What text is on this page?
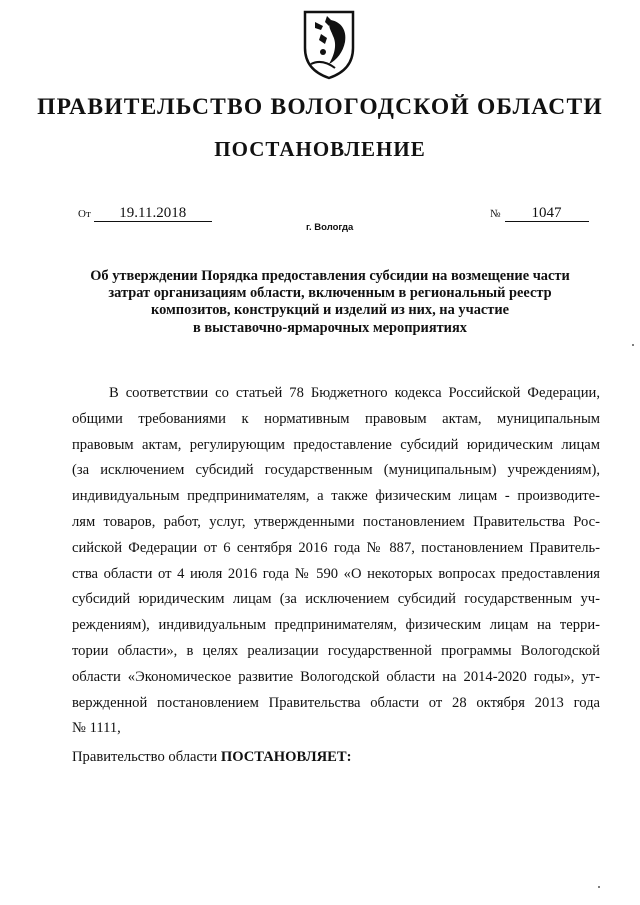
ПРАВИТЕЛЬСТВО ВОЛОГОДСКОЙ ОБЛАСТИ
ПОСТАНОВЛЕНИЕ
От 19.11.2018	№ 1047
г. Вологда
Об утверждении Порядка предоставления субсидии на возмещение части
затрат организациям области, включенным в региональный реестр
композитов, конструкций и изделий из них, на участие
в выставочно-ярмарочных мероприятиях
В соответствии со статьей 78 Бюджетного кодекса Российской Федерации,
общими требованиями к нормативным правовым актам, муниципальным
правовым актам, регулирующим предоставление субсидий юридическим лицам
(за исключением субсидий государственным (муниципальным) учреждениям),
индивидуальным предпринимателям, а также физическим лицам - производите-
лям товаров, работ, услуг, утвержденными постановлением Правительства Рос-
сийской Федерации от 6 сентября 2016 года № 887, постановлением Правитель-
ства области от 4 июля 2016 года № 590 «О некоторых вопросах предоставления
субсидий юридическим лицам (за исключением субсидий государственным уч-
реждениям), индивидуальным предпринимателям, физическим лицам на терри-
тории области», в целях реализации государственной программы Вологодской
области «Экономическое развитие Вологодской области на 2014-2020 годы», ут-
вержденной постановлением Правительства области от 28 октября 2013 года
№ 1111,
Правительство области ПОСТАНОВЛЯЕТ:
